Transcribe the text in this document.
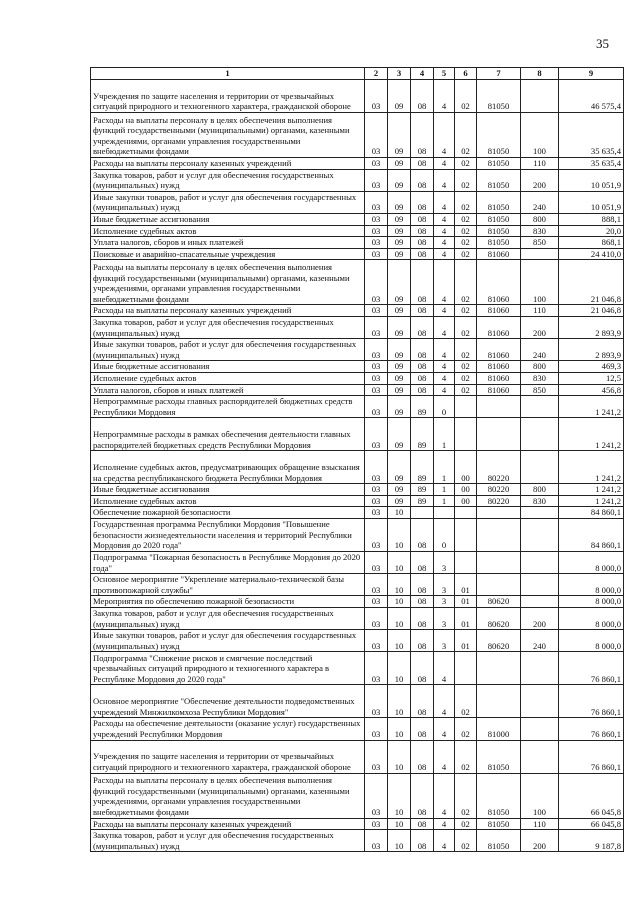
35
1	2	3	4	5	6	7	8	9
Учреждения по защите населения и территории от чрезвычайных ситуаций природного и техногенного характера, гражданской обороне	03	09	08	4	02	81050		46 575,4
Расходы на выплаты персоналу в целях обеспечения выполнения функций государственными (муниципальными) органами, казенными учреждениями, органами управления государственными внебюджетными фондами	03	09	08	4	02	81050	100	35 635,4
Расходы на выплаты персоналу казенных учреждений	03	09	08	4	02	81050	110	35 635,4
Закупка товаров, работ и услуг для обеспечения государственных (муниципальных) нужд	03	09	08	4	02	81050	200	10 051,9
Иные закупки товаров, работ и услуг для обеспечения государственных (муниципальных) нужд	03	09	08	4	02	81050	240	10 051,9
Иные бюджетные ассигнования	03	09	08	4	02	81050	800	888,1
Исполнение судебных актов	03	09	08	4	02	81050	830	20,0
Уплата налогов, сборов и иных платежей	03	09	08	4	02	81050	850	868,1
Поисковые и аварийно-спасательные учреждения	03	09	08	4	02	81060		24 410,0
Расходы на выплаты персоналу в целях обеспечения выполнения функций государственными (муниципальными) органами, казенными учреждениями, органами управления государственными внебюджетными фондами	03	09	08	4	02	81060	100	21 046,8
Расходы на выплаты персоналу казенных учреждений	03	09	08	4	02	81060	110	21 046,8
Закупка товаров, работ и услуг для обеспечения государственных (муниципальных) нужд	03	09	08	4	02	81060	200	2 893,9
Иные закупки товаров, работ и услуг для обеспечения государственных (муниципальных) нужд	03	09	08	4	02	81060	240	2 893,9
Иные бюджетные ассигнования	03	09	08	4	02	81060	800	469,3
Исполнение судебных актов	03	09	08	4	02	81060	830	12,5
Уплата налогов, сборов и иных платежей	03	09	08	4	02	81060	850	456,8
Непрограммные расходы главных распорядителей бюджетных средств Республики Мордовия	03	09	89	0				1 241,2
Непрограммные расходы в рамках обеспечения деятельности главных распорядителей бюджетных средств Республики Мордовия	03	09	89	1				1 241,2
Исполнение судебных актов, предусматривающих обращение взыскания на средства республиканского бюджета Республики Мордовия	03	09	89	1	00	80220		1 241,2
Иные бюджетные ассигнования	03	09	89	1	00	80220	800	1 241,2
Исполнение судебных актов	03	09	89	1	00	80220	830	1 241,2
Обеспечение пожарной безопасности	03	10						84 860,1
Государственная программа Республики Мордовия "Повышение безопасности жизнедеятельности населения и территорий Республики Мордовия до 2020 года"	03	10	08	0				84 860,1
Подпрограмма "Пожарная безопасность в Республике Мордовия до 2020 года"	03	10	08	3				8 000,0
Основное мероприятие "Укрепление материально-технической базы противопожарной службы"	03	10	08	3	01			8 000,0
Мероприятия по обеспечению пожарной безопасности	03	10	08	3	01	80620		8 000,0
Закупка товаров, работ и услуг для обеспечения государственных (муниципальных) нужд	03	10	08	3	01	80620	200	8 000,0
Иные закупки товаров, работ и услуг для обеспечения государственных (муниципальных) нужд	03	10	08	3	01	80620	240	8 000,0
Подпрограмма "Снижение рисков и смягчение последствий чрезвычайных ситуаций природного и техногенного характера в Республике Мордовия до 2020 года"	03	10	08	4				76 860,1
Основное мероприятие "Обеспечение деятельности подведомственных учреждений Минжилкомхоза Республики Мордовия"	03	10	08	4	02			76 860,1
Расходы на обеспечение деятельности (оказание услуг) государственных учреждений Республики Мордовия	03	10	08	4	02	81000		76 860,1
Учреждения по защите населения и территории от чрезвычайных ситуаций природного и техногенного характера, гражданской обороне	03	10	08	4	02	81050		76 860,1
Расходы на выплаты персоналу в целях обеспечения выполнения функций государственными (муниципальными) органами, казенными учреждениями, органами управления государственными внебюджетными фондами	03	10	08	4	02	81050	100	66 045,8
Расходы на выплаты персоналу казенных учреждений	03	10	08	4	02	81050	110	66 045,8
Закупка товаров, работ и услуг для обеспечения государственных (муниципальных) нужд	03	10	08	4	02	81050	200	9 187,8
